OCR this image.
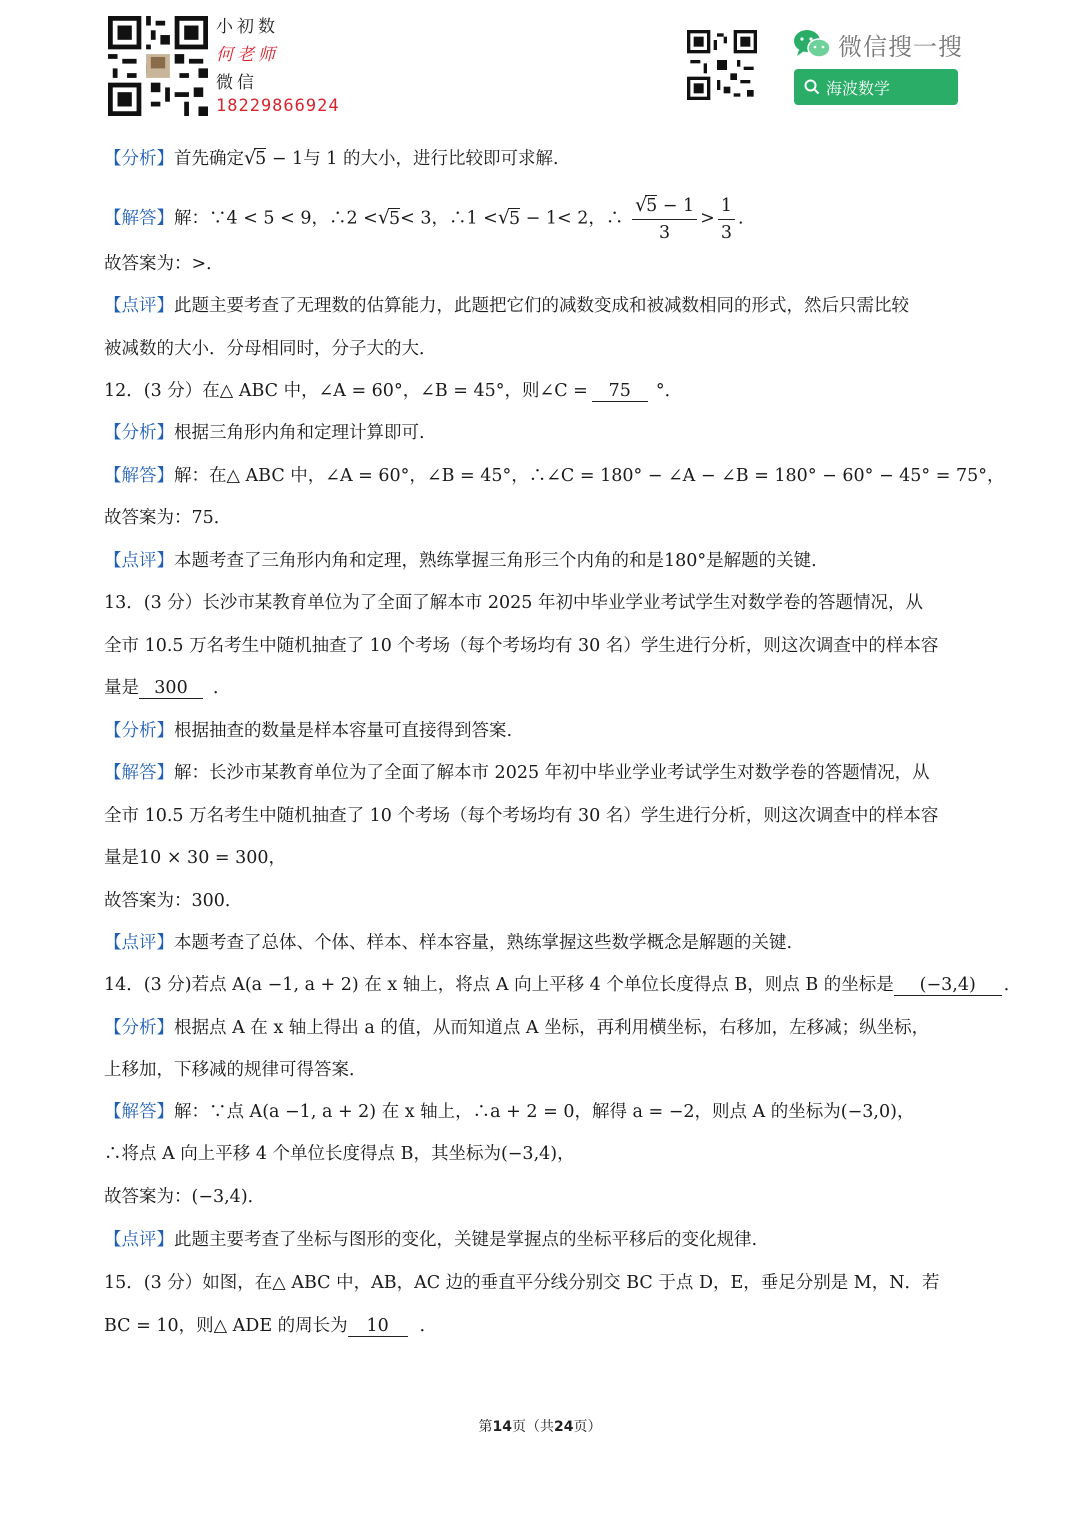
小初数
何老师
微信
18229866924
微信搜一搜
海波数学
【分析】首先确定√5 − 1与 1 的大小，进行比较即可求解.
【解答】解：∵4 < 5 < 9，∴2 <√5< 3，∴1 <√5 − 1< 2，∴ $\frac{√5 - 1}{3} > \frac{1}{3}$ .
故答案为：>．
【点评】此题主要考查了无理数的估算能力，此题把它们的减数变成和被减数相同的形式，然后只需比较
被减数的大小．分母相同时，分子大的大．
12．(3 分）在△ ABC 中，∠A = 60°，∠B = 45°，则∠C = 75 °．
【分析】根据三角形内角和定理计算即可.
【解答】解：在△ ABC 中，∠A = 60°，∠B = 45°，∴∠C = 180° − ∠A − ∠B = 180° − 60° − 45° = 75°，
故答案为：75．
【点评】本题考查了三角形内角和定理，熟练掌握三角形三个内角的和是180°是解题的关键.
13．(3 分）长沙市某教育单位为了全面了解本市 2025 年初中毕业学业考试学生对数学卷的答题情况，从
全市 10.5 万名考生中随机抽查了 10 个考场（每个考场均有 30 名）学生进行分析，则这次调查中的样本容
量是 300 ．
【分析】根据抽查的数量是样本容量可直接得到答案.
【解答】解：长沙市某教育单位为了全面了解本市 2025 年初中毕业学业考试学生对数学卷的答题情况，从
全市 10.5 万名考生中随机抽查了 10 个考场（每个考场均有 30 名）学生进行分析，则这次调查中的样本容
量是10 × 30 = 300，
故答案为：300．
【点评】本题考查了总体、个体、样本、样本容量，熟练掌握这些数学概念是解题的关键.
14．(3 分)若点 A(a −1, a + 2) 在 x 轴上，将点 A 向上平移 4 个单位长度得点 B，则点 B 的坐标是 (−3,4) ．
【分析】根据点 A 在 x 轴上得出 a 的值，从而知道点 A 坐标，再利用横坐标，右移加，左移减；纵坐标，
上移加，下移减的规律可得答案．
【解答】解：∵点 A(a −1, a + 2) 在 x 轴上，∴a + 2 = 0，解得 a = −2，则点 A 的坐标为(−3,0)，
∴将点 A 向上平移 4 个单位长度得点 B，其坐标为(−3,4)，
故答案为：(−3,4)．
【点评】此题主要考查了坐标与图形的变化，关键是掌握点的坐标平移后的变化规律.
15．(3 分）如图，在△ ABC 中，AB，AC 边的垂直平分线分别交 BC 于点 D，E，垂足分别是 M，N．若
BC = 10，则△ ADE 的周长为 10 ．
第14页（共24页）
